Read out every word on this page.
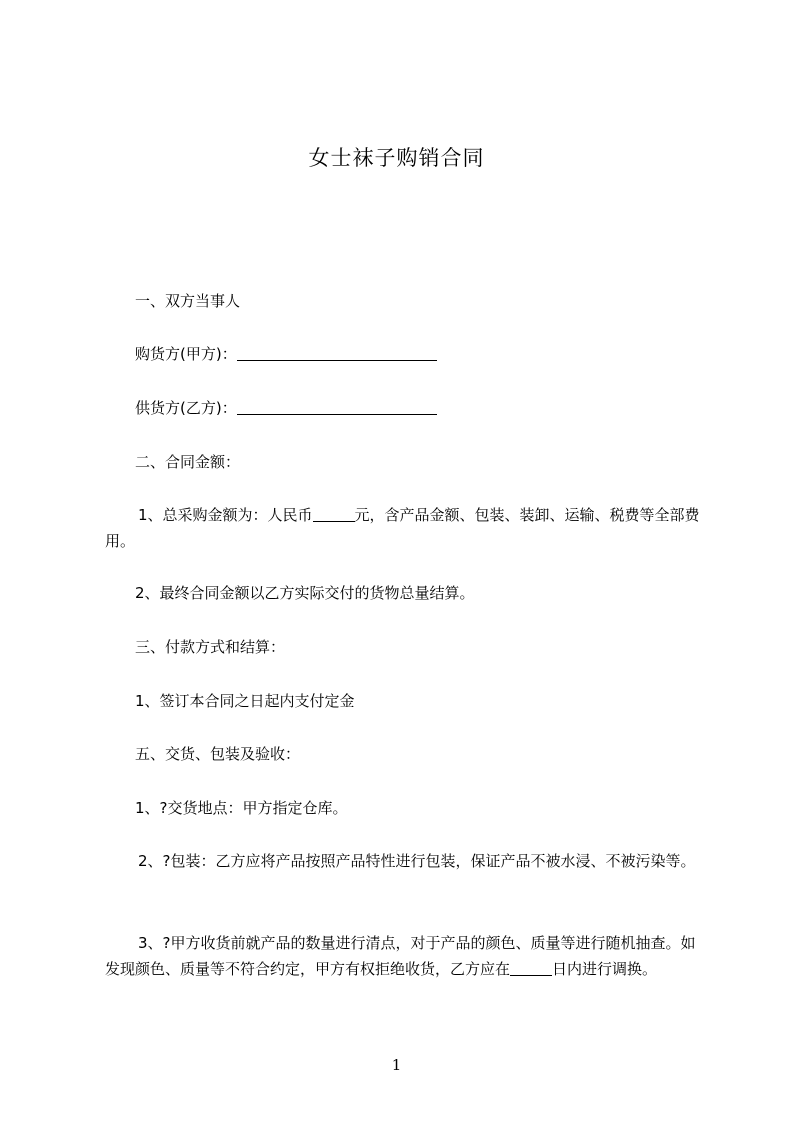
女士袜子购销合同
一、双方当事人
购货方(甲方)：
供货方(乙方)：
二、合同金额：
1、总采购金额为：人民币	元，含产品金额、包装、装卸、运输、税费等全部费用。
2、最终合同金额以乙方实际交付的货物总量结算。
三、付款方式和结算：
1、签订本合同之日起内支付定金
五、交货、包装及验收：
1、?交货地点：甲方指定仓库。
2、?包装：乙方应将产品按照产品特性进行包装，保证产品不被水浸、不被污染等。
3、?甲方收货前就产品的数量进行清点，对于产品的颜色、质量等进行随机抽查。如发现颜色、质量等不符合约定，甲方有权拒绝收货，乙方应在	日内进行调换。
1
